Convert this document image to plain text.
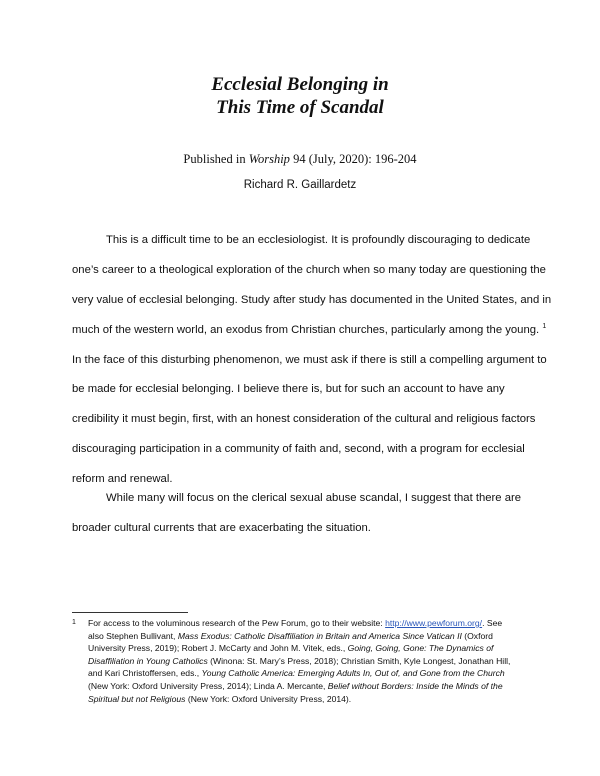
Ecclesial Belonging in
This Time of Scandal
Published in Worship 94 (July, 2020): 196-204
Richard R. Gaillardetz
This is a difficult time to be an ecclesiologist. It is profoundly discouraging to dedicate
one’s career to a theological exploration of the church when so many today are questioning the
very value of ecclesial belonging. Study after study has documented in the United States, and in
much of the western world, an exodus from Christian churches, particularly among the young. $^1$
In the face of this disturbing phenomenon, we must ask if there is still a compelling argument to
be made for ecclesial belonging. I believe there is, but for such an account to have any
credibility it must begin, first, with an honest consideration of the cultural and religious factors
discouraging participation in a community of faith and, second, with a program for ecclesial
reform and renewal.
While many will focus on the clerical sexual abuse scandal, I suggest that there are
broader cultural currents that are exacerbating the situation.
1	For access to the voluminous research of the Pew Forum, go to their website: http://www.pewforum.org/. See
also Stephen Bullivant, Mass Exodus: Catholic Disaffiliation in Britain and America Since Vatican II (Oxford
University Press, 2019); Robert J. McCarty and John M. Vitek, eds., Going, Going, Gone: The Dynamics of
Disaffiliation in Young Catholics (Winona: St. Mary’s Press, 2018); Christian Smith, Kyle Longest, Jonathan Hill,
and Kari Christoffersen, eds., Young Catholic America: Emerging Adults In, Out of, and Gone from the Church
(New York: Oxford University Press, 2014); Linda A. Mercante, Belief without Borders: Inside the Minds of the
Spiritual but not Religious (New York: Oxford University Press, 2014).
